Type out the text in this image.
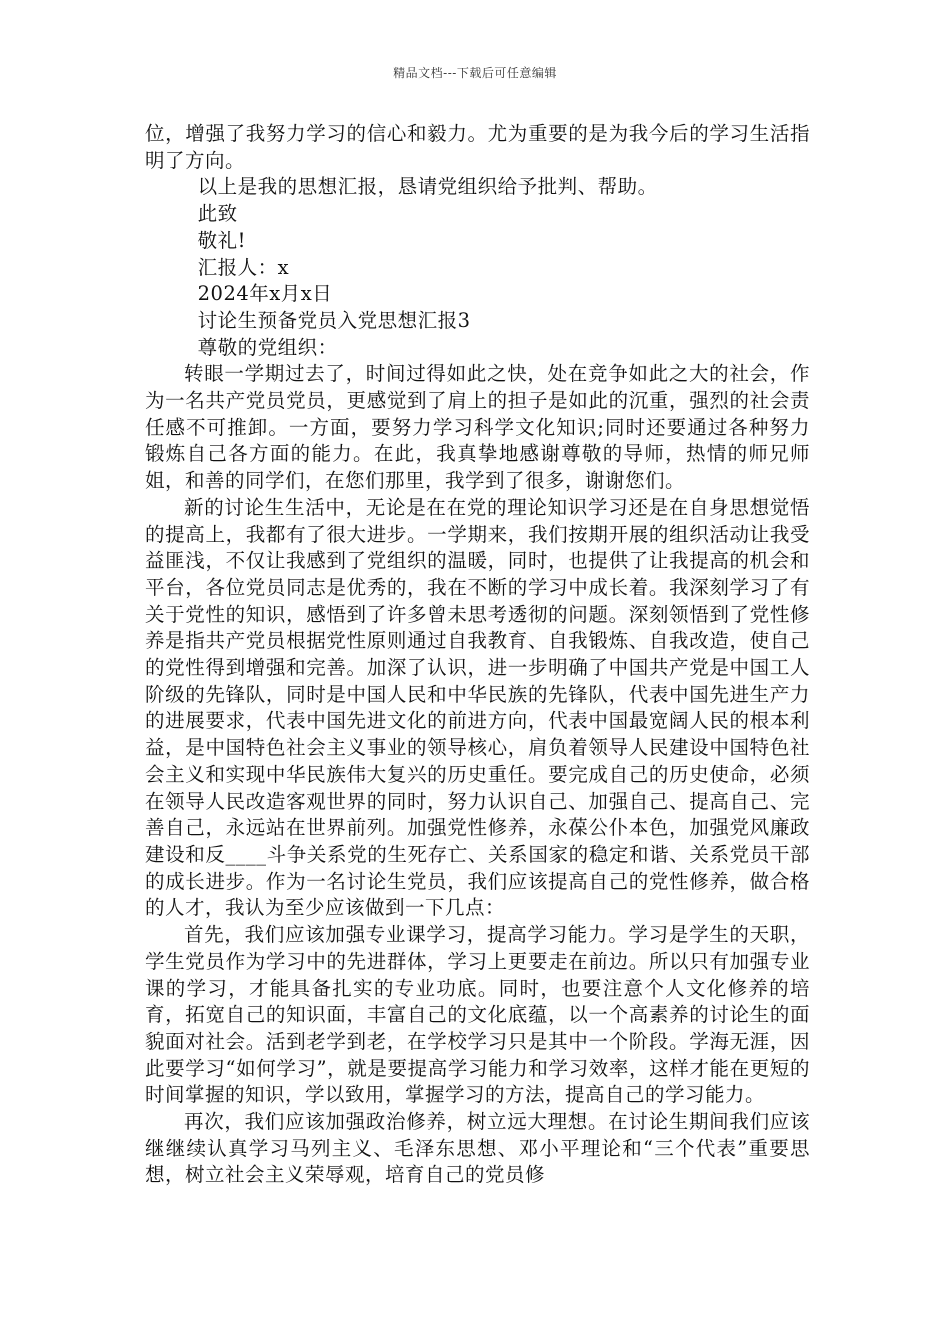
精品文档---下载后可任意编辑

位，增强了我努力学习的信心和毅力。尤为重要的是为我今后的学习生活指明了方向。

以上是我的思想汇报，恳请党组织给予批判、帮助。

此致

敬礼!

汇报人：x

2024年x月x日

讨论生预备党员入党思想汇报3

尊敬的党组织：

转眼一学期过去了，时间过得如此之快，处在竞争如此之大的社会，作为一名共产党员党员，更感觉到了肩上的担子是如此的沉重，强烈的社会责任感不可推卸。一方面，要努力学习科学文化知识;同时还要通过各种努力锻炼自己各方面的能力。在此，我真挚地感谢尊敬的导师，热情的师兄师姐，和善的同学们，在您们那里，我学到了很多，谢谢您们。

新的讨论生生活中，无论是在在党的理论知识学习还是在自身思想觉悟的提高上，我都有了很大进步。一学期来，我们按期开展的组织活动让我受益匪浅，不仅让我感到了党组织的温暖，同时，也提供了让我提高的机会和平台，各位党员同志是优秀的，我在不断的学习中成长着。我深刻学习了有关于党性的知识，感悟到了许多曾未思考透彻的问题。深刻领悟到了党性修养是指共产党员根据党性原则通过自我教育、自我锻炼、自我改造，使自己的党性得到增强和完善。加深了认识，进一步明确了中国共产党是中国工人阶级的先锋队，同时是中国人民和中华民族的先锋队，代表中国先进生产力的进展要求，代表中国先进文化的前进方向，代表中国最宽阔人民的根本利益，是中国特色社会主义事业的领导核心，肩负着领导人民建设中国特色社会主义和实现中华民族伟大复兴的历史重任。要完成自己的历史使命，必须在领导人民改造客观世界的同时，努力认识自己、加强自己、提高自己、完善自己，永远站在世界前列。加强党性修养，永葆公仆本色，加强党风廉政建设和反____斗争关系党的生死存亡、关系国家的稳定和谐、关系党员干部的成长进步。作为一名讨论生党员，我们应该提高自己的党性修养，做合格的人才，我认为至少应该做到一下几点：

首先，我们应该加强专业课学习，提高学习能力。学习是学生的天职，学生党员作为学习中的先进群体，学习上更要走在前边。所以只有加强专业课的学习，才能具备扎实的专业功底。同时，也要注意个人文化修养的培育，拓宽自己的知识面，丰富自己的文化底蕴，以一个高素养的讨论生的面貌面对社会。活到老学到老，在学校学习只是其中一个阶段。学海无涯，因此要学习“如何学习”，就是要提高学习能力和学习效率，这样才能在更短的时间掌握的知识，学以致用，掌握学习的方法，提高自己的学习能力。

再次，我们应该加强政治修养，树立远大理想。在讨论生期间我们应该继继续认真学习马列主义、毛泽东思想、邓小平理论和“三个代表”重要思想，树立社会主义荣辱观，培育自己的党员修
